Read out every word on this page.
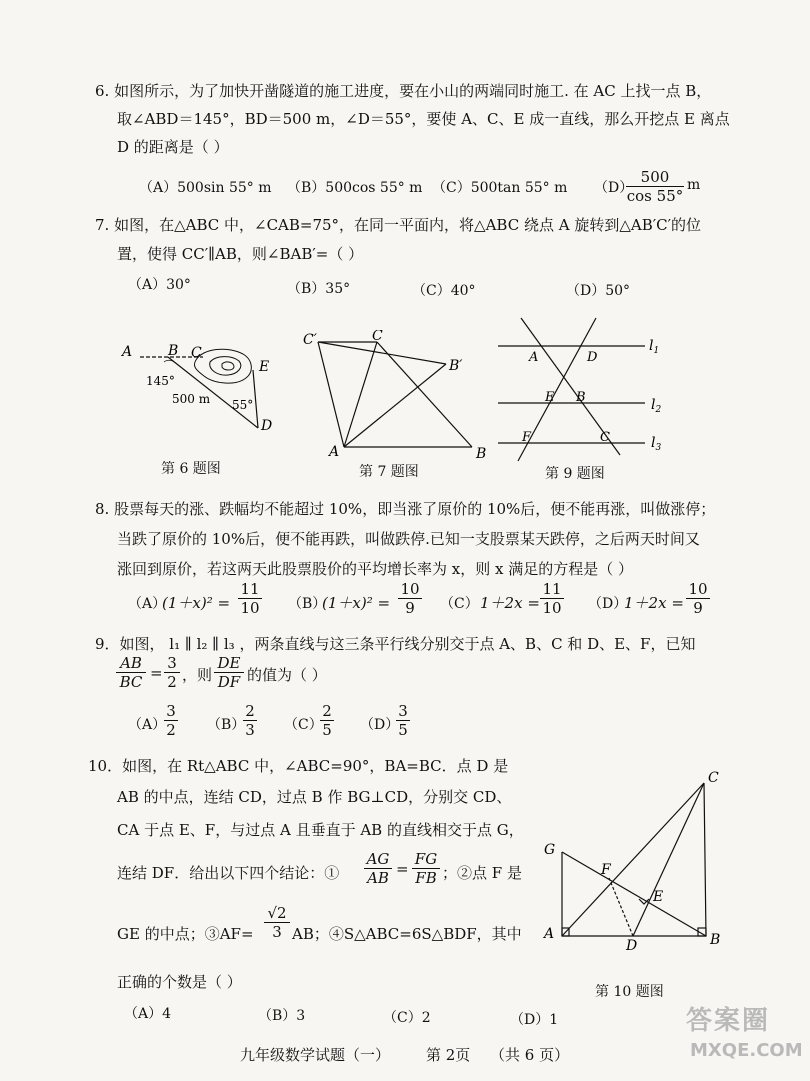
6. 如图所示，为了加快开凿隧道的施工进度，要在小山的两端同时施工. 在 AC 上找一点 B，
取∠ABD＝145°，BD＝500 m，∠D＝55°，要使 A、C、E 成一直线，那么开挖点 E 离点
D 的距离是（ ）
（A）500sin 55° m （B）500cos 55° m （C）500tan 55° m （D）
$\frac{500}{\cos 55^\circ}$ m
7. 如图，在△ABC 中，∠CAB=75°，在同一平面内，将△ABC 绕点 A 旋转到△AB′C′的位
置，使得 CC′∥AB，则∠BAB′=（ ）
（A）30°	（B）35°	（C）40°	（D）50°
A	B C
E
D
145°
500 m 55°
第 6 题图
C′	C
B′
A	B
第 7 题图
A	D
E B
F	C
$l_1$
$l_2$
$l_3$
第 9 题图
8. 股票每天的涨、跌幅均不能超过 10%，即当涨了原价的 10%后，便不能再涨，叫做涨停；
当跌了原价的 10%后，便不能再跌，叫做跌停.已知一支股票某天跌停，之后两天时间又
涨回到原价，若这两天此股票股价的平均增长率为 x，则 x 满足的方程是（ ）
（A）
$(1+x)^2 = \frac{11}{10} (B)$
$(1+x)^2 = \frac{10}{9} (C) 1+2x = \frac{11}{10} (D)$
$1+2x = \frac{10}{9}$
9．如图， l₁ ∥ l₂ ∥ l₃ ，两条直线与这三条平行线分别交于点 A、B、C 和 D、E、F，已知
$\frac{AB}{BC} = \frac{3}{2}$ ，则 $\frac{DE}{DF}$ 的值为（ ）
（A）
$\frac{3}{2} (B)$
$\frac{2}{3} (C)$
$\frac{2}{5} (D)$
$\frac{3}{5}$
10．如图，在 Rt△ABC 中，∠ABC=90°，BA=BC．点 D 是
AB 的中点，连结 CD，过点 B 作 BG⊥CD，分别交 CD、
CA 于点 E、F，与过点 A 且垂直于 AB 的直线相交于点 G，
连结 DF．给出以下四个结论：① $\frac{AG}{AB} = \frac{FG}{FB}$ ；②点 F 是
GE 的中点；③AF= $\frac{√2}{3}$ AB；④S△ABC=6S△BDF，其中
正确的个数是（ ）
（A）4	（B）3	（C）2	（D）1
C
G
F
E
A
D	B
第 10 题图
九年级数学试题（一） 第 2页 （共 6 页）
答案圈
MXQE.COM
